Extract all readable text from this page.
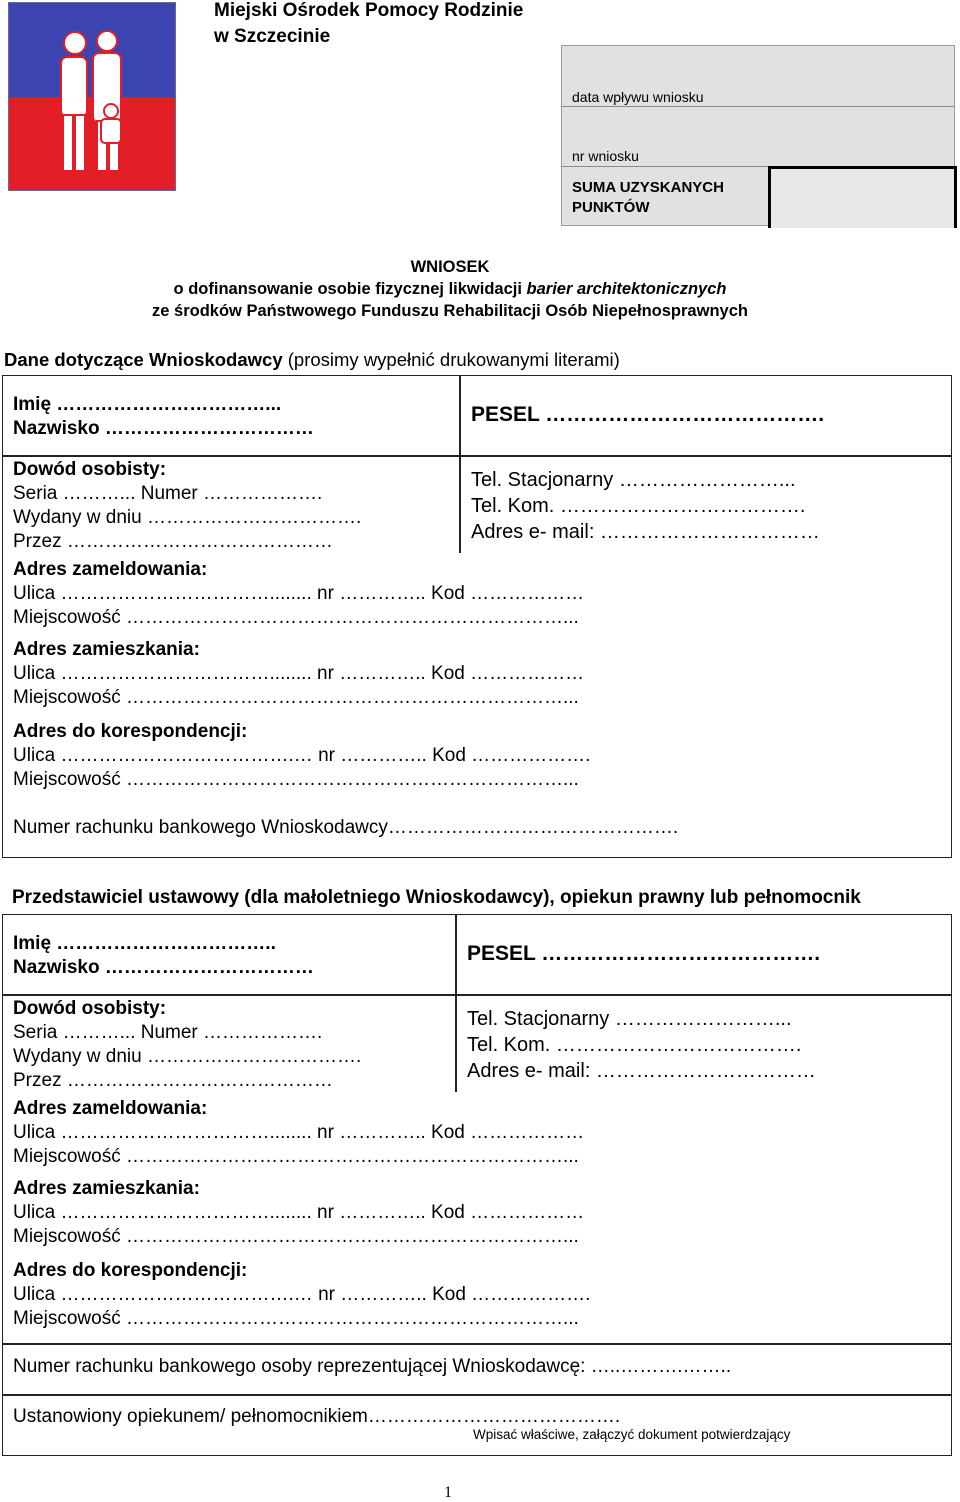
Miejski Ośrodek Pomocy Rodzinie
w Szczecinie
data wpływu wniosku
nr wniosku
SUMA UZYSKANYCH
PUNKTÓW
WNIOSEK
o dofinansowanie osobie fizycznej likwidacji barier architektonicznych
ze środków Państwowego Funduszu Rehabilitacji Osób Niepełnosprawnych
Dane dotyczące Wnioskodawcy (prosimy wypełnić drukowanymi literami)
Imię ……………………………...
Nazwisko ……………………………
PESEL ………………………………….
Dowód osobisty:
Seria ………... Numer ……………….
Wydany w dniu …………………………….
Przez ……………………………………
Tel. Stacjonarny ……………………...
Tel. Kom. ……………………………….
Adres e- mail: ……………………………
Adres zameldowania:
Ulica ……………………………........ nr ………….. Kod ………………
Miejscowość ……………………………………………………………...
Adres zamieszkania:
Ulica ……………………………........ nr ………….. Kod ………………
Miejscowość ……………………………………………………………...
Adres do korespondencji:
Ulica ……………………………….… nr ………….. Kod ……………….
Miejscowość ……………………………………………………………...
Numer rachunku bankowego Wnioskodawcy……………………………………….
Przedstawiciel ustawowy (dla małoletniego Wnioskodawcy), opiekun prawny lub pełnomocnik
Imię ……………………………..
Nazwisko ……………………………
PESEL ………………………………….
Dowód osobisty:
Seria ………... Numer ……………….
Wydany w dniu …………………………….
Przez ……………………………………
Tel. Stacjonarny ……………………...
Tel. Kom. ……………………………….
Adres e- mail: ……………………………
Adres zameldowania:
Ulica ……………………………........ nr ………….. Kod ………………
Miejscowość ……………………………………………………………...
Adres zamieszkania:
Ulica ……………………………........ nr ………….. Kod ………………
Miejscowość ……………………………………………………………...
Adres do korespondencji:
Ulica ……………………………….… nr ………….. Kod ……………….
Miejscowość ……………………………………………………………...
Numer rachunku bankowego osoby reprezentującej Wnioskodawcę: …..……….……..
Ustanowiony opiekunem/ pełnomocnikiem………………………………….
Wpisać właściwe, załączyć dokument potwierdzający
1
